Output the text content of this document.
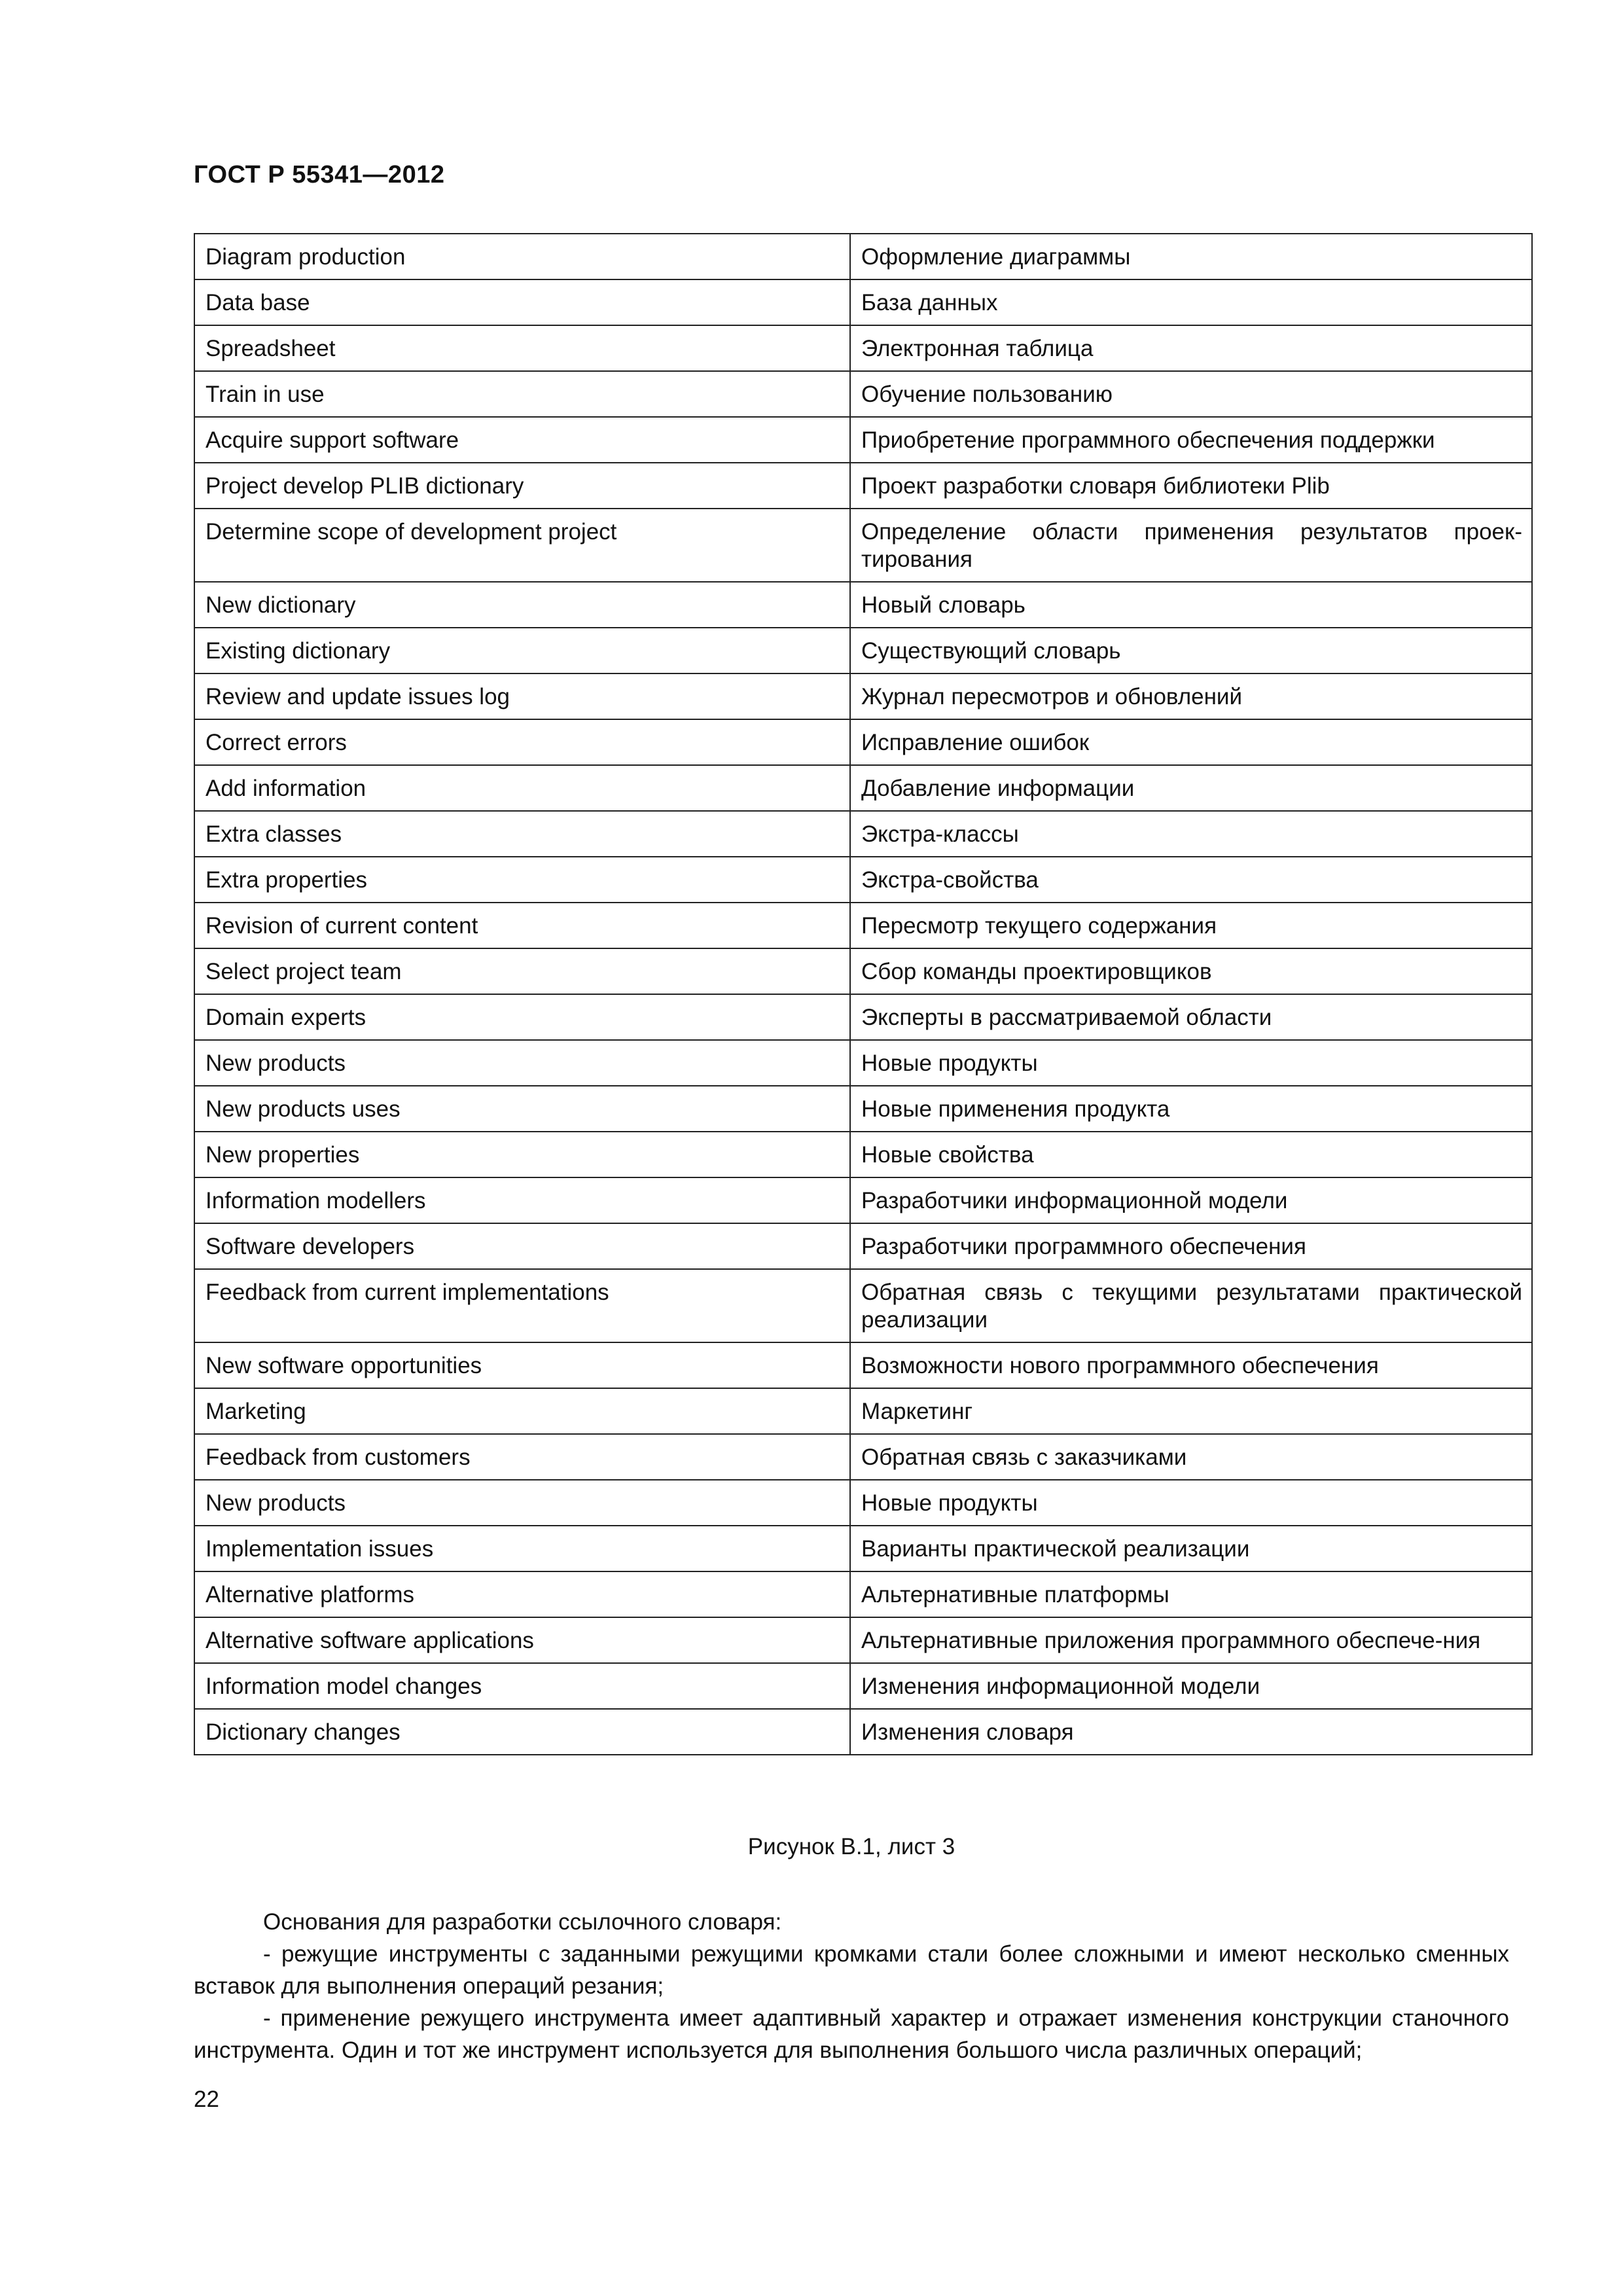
ГОСТ Р 55341—2012
Diagram production	Оформление диаграммы
Data base	База данных
Spreadsheet	Электронная таблица
Train in use	Обучение пользованию
Acquire support software	Приобретение программного обеспечения поддержки
Project develop PLIB dictionary	Проект разработки словаря библиотеки Plib
Determine scope of development project	Определение области применения результатов проек-тирования
New dictionary	Новый словарь
Existing dictionary	Существующий словарь
Review and update issues log	Журнал пересмотров и обновлений
Correct errors	Исправление ошибок
Add information	Добавление информации
Extra classes	Экстра-классы
Extra properties	Экстра-свойства
Revision of current content	Пересмотр текущего содержания
Select project team	Сбор команды проектировщиков
Domain experts	Эксперты в рассматриваемой области
New products	Новые продукты
New products uses	Новые применения продукта
New properties	Новые свойства
Information modellers	Разработчики информационной модели
Software developers	Разработчики программного обеспечения
Feedback from current implementations	Обратная связь с текущими результатами практической реализации
New software opportunities	Возможности нового программного обеспечения
Marketing	Маркетинг
Feedback from customers	Обратная связь с заказчиками
New products	Новые продукты
Implementation issues	Варианты практической реализации
Alternative platforms	Альтернативные платформы
Alternative software applications	Альтернативные приложения программного обеспече-ния
Information model changes	Изменения информационной модели
Dictionary changes	Изменения словаря
Рисунок В.1, лист 3

Основания для разработки ссылочного словаря:

- режущие инструменты с заданными режущими кромками стали более сложными и имеют несколько сменных вставок для выполнения операций резания;

- применение режущего инструмента имеет адаптивный характер и отражает изменения конструкции станочного инструмента. Один и тот же инструмент используется для выполнения большого числа различных операций;

22
